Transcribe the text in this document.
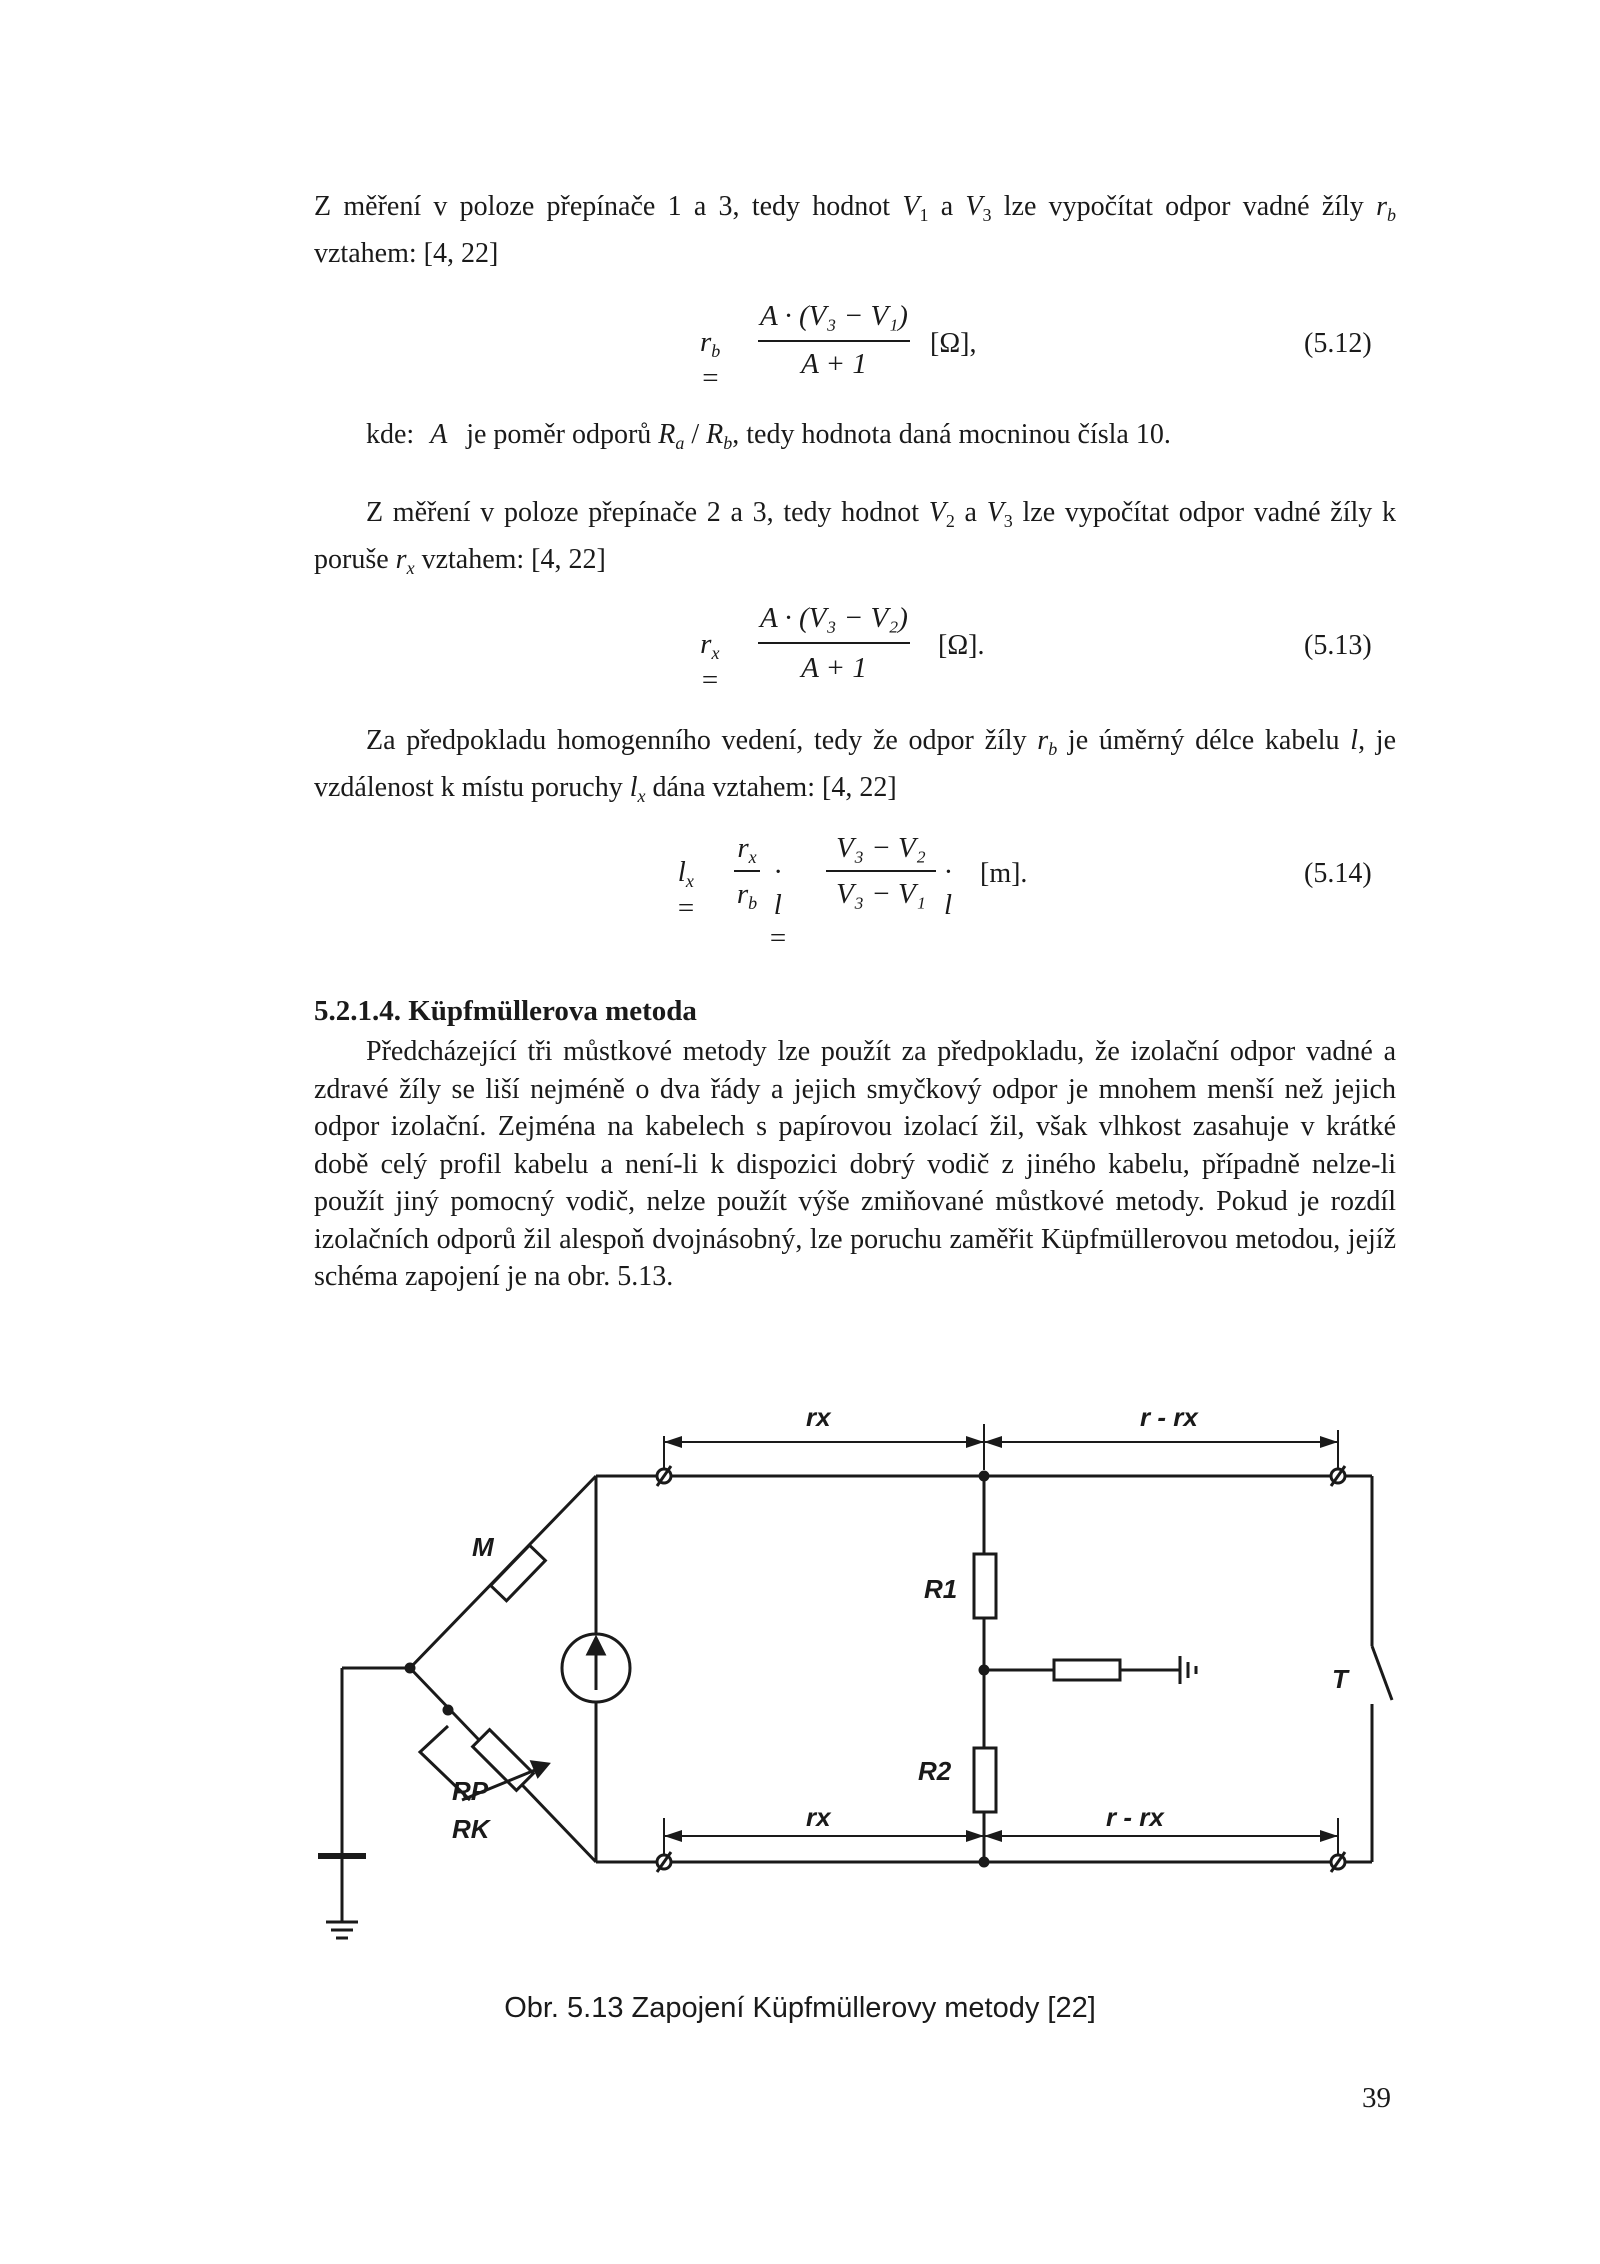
Z měření v poloze přepínače 1 a 3, tedy hodnot $V_1$ a $V_3$ lze vypočítat odpor vadné žíly $r_b$ vztahem: [4, 22]

$r_b$ =
A · (V₃ − V₁)
A + 1
[Ω],	(5.12)

kde: A je poměr odporů $R_a / R_b$, tedy hodnota daná mocninou čísla 10.

Z měření v poloze přepínače 2 a 3, tedy hodnot $V_2$ a $V_3$ lze vypočítat odpor vadné žíly k poruše $r_x$ vztahem: [4, 22]

$r_x$ =
A · (V₃ − V₂)
A + 1
[Ω].	(5.13)

Za předpokladu homogenního vedení, tedy že odpor žíly $r_b$ je úměrný délce kabelu l, je vzdálenost k místu poruchy $l_x$ dána vztahem: [4, 22]

$l_x$ =
$r_x$
$r_b$
· l =
V₃ − V₂
V₃ − V₁
· l
[m].	(5.14)

5.2.1.4. Küpfmüllerova metoda

Předcházející tři můstkové metody lze použít za předpokladu, že izolační odpor vadné a zdravé žíly se liší nejméně o dva řády a jejich smyčkový odpor je mnohem menší než jejich odpor izolační. Zejména na kabelech s papírovou izolací žil, však vlhkost zasahuje v krátké době celý profil kabelu a není-li k dispozici dobrý vodič z jiného kabelu, případně nelze-li použít jiný pomocný vodič, nelze použít výše zmiňované můstkové metody. Pokud je rozdíl izolačních odporů žil alespoň dvojnásobný, lze poruchu zaměřit Küpfmüllerovou metodou, jejíž schéma zapojení je na obr. 5.13.

rx	r - rx
rx	r - rx
M
R1
R2
T
RP
RK
Obr. 5.13 Zapojení Küpfmüllerovy metody [22]
39
